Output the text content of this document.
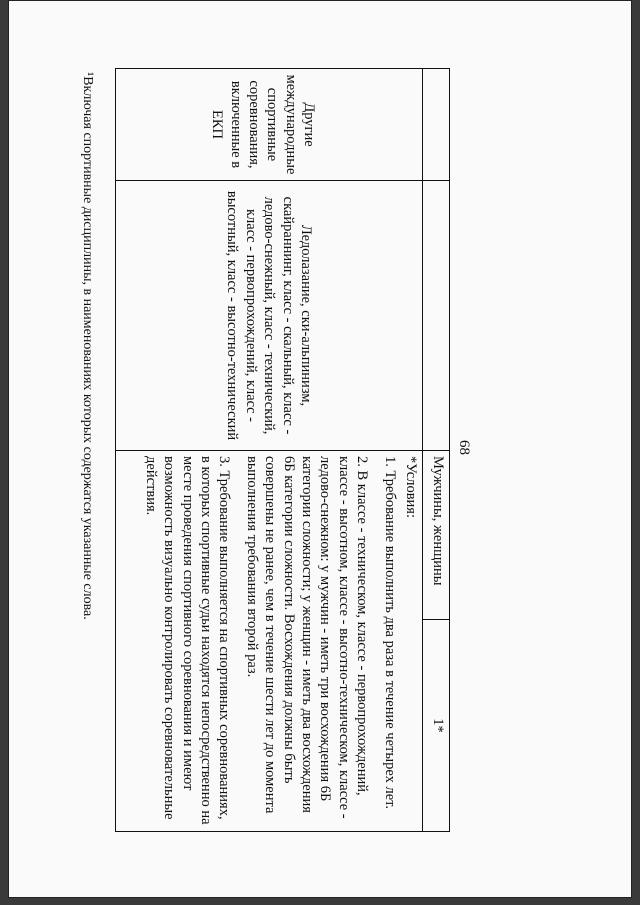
68
		Мужчины, женщины	1*
Другие международные спортивные соревнования, включенные в ЕКП	Ледолазание, ски-альпинизм, скайраннинг, класс - скальный, класс - ледово-снежный, класс - технический, класс - первопрохождений, класс - высотный, класс - высотно-технический	*Условия:

1. Требование выполнить два раза в течение четырех лет.

2. В классе - техническом, классе - первопрохождений, классе - высотном, классе - высотно-техническом, классе - ледово-снежном: у мужчин - иметь три восхождения 6Б категории сложности; у женщин - иметь два восхождения 6Б категории сложности. Восхождения должны быть совершены не ранее, чем в течение шести лет до момента выполнения требования второй раз.

3. Требование выполняется на спортивных соревнованиях, в которых спортивные судьи находятся непосредственно на месте проведения спортивного соревнования и имеют возможность визуально контролировать соревновательные действия.	

¹Включая спортивные дисциплины, в наименованиях которых содержатся указанные слова.
